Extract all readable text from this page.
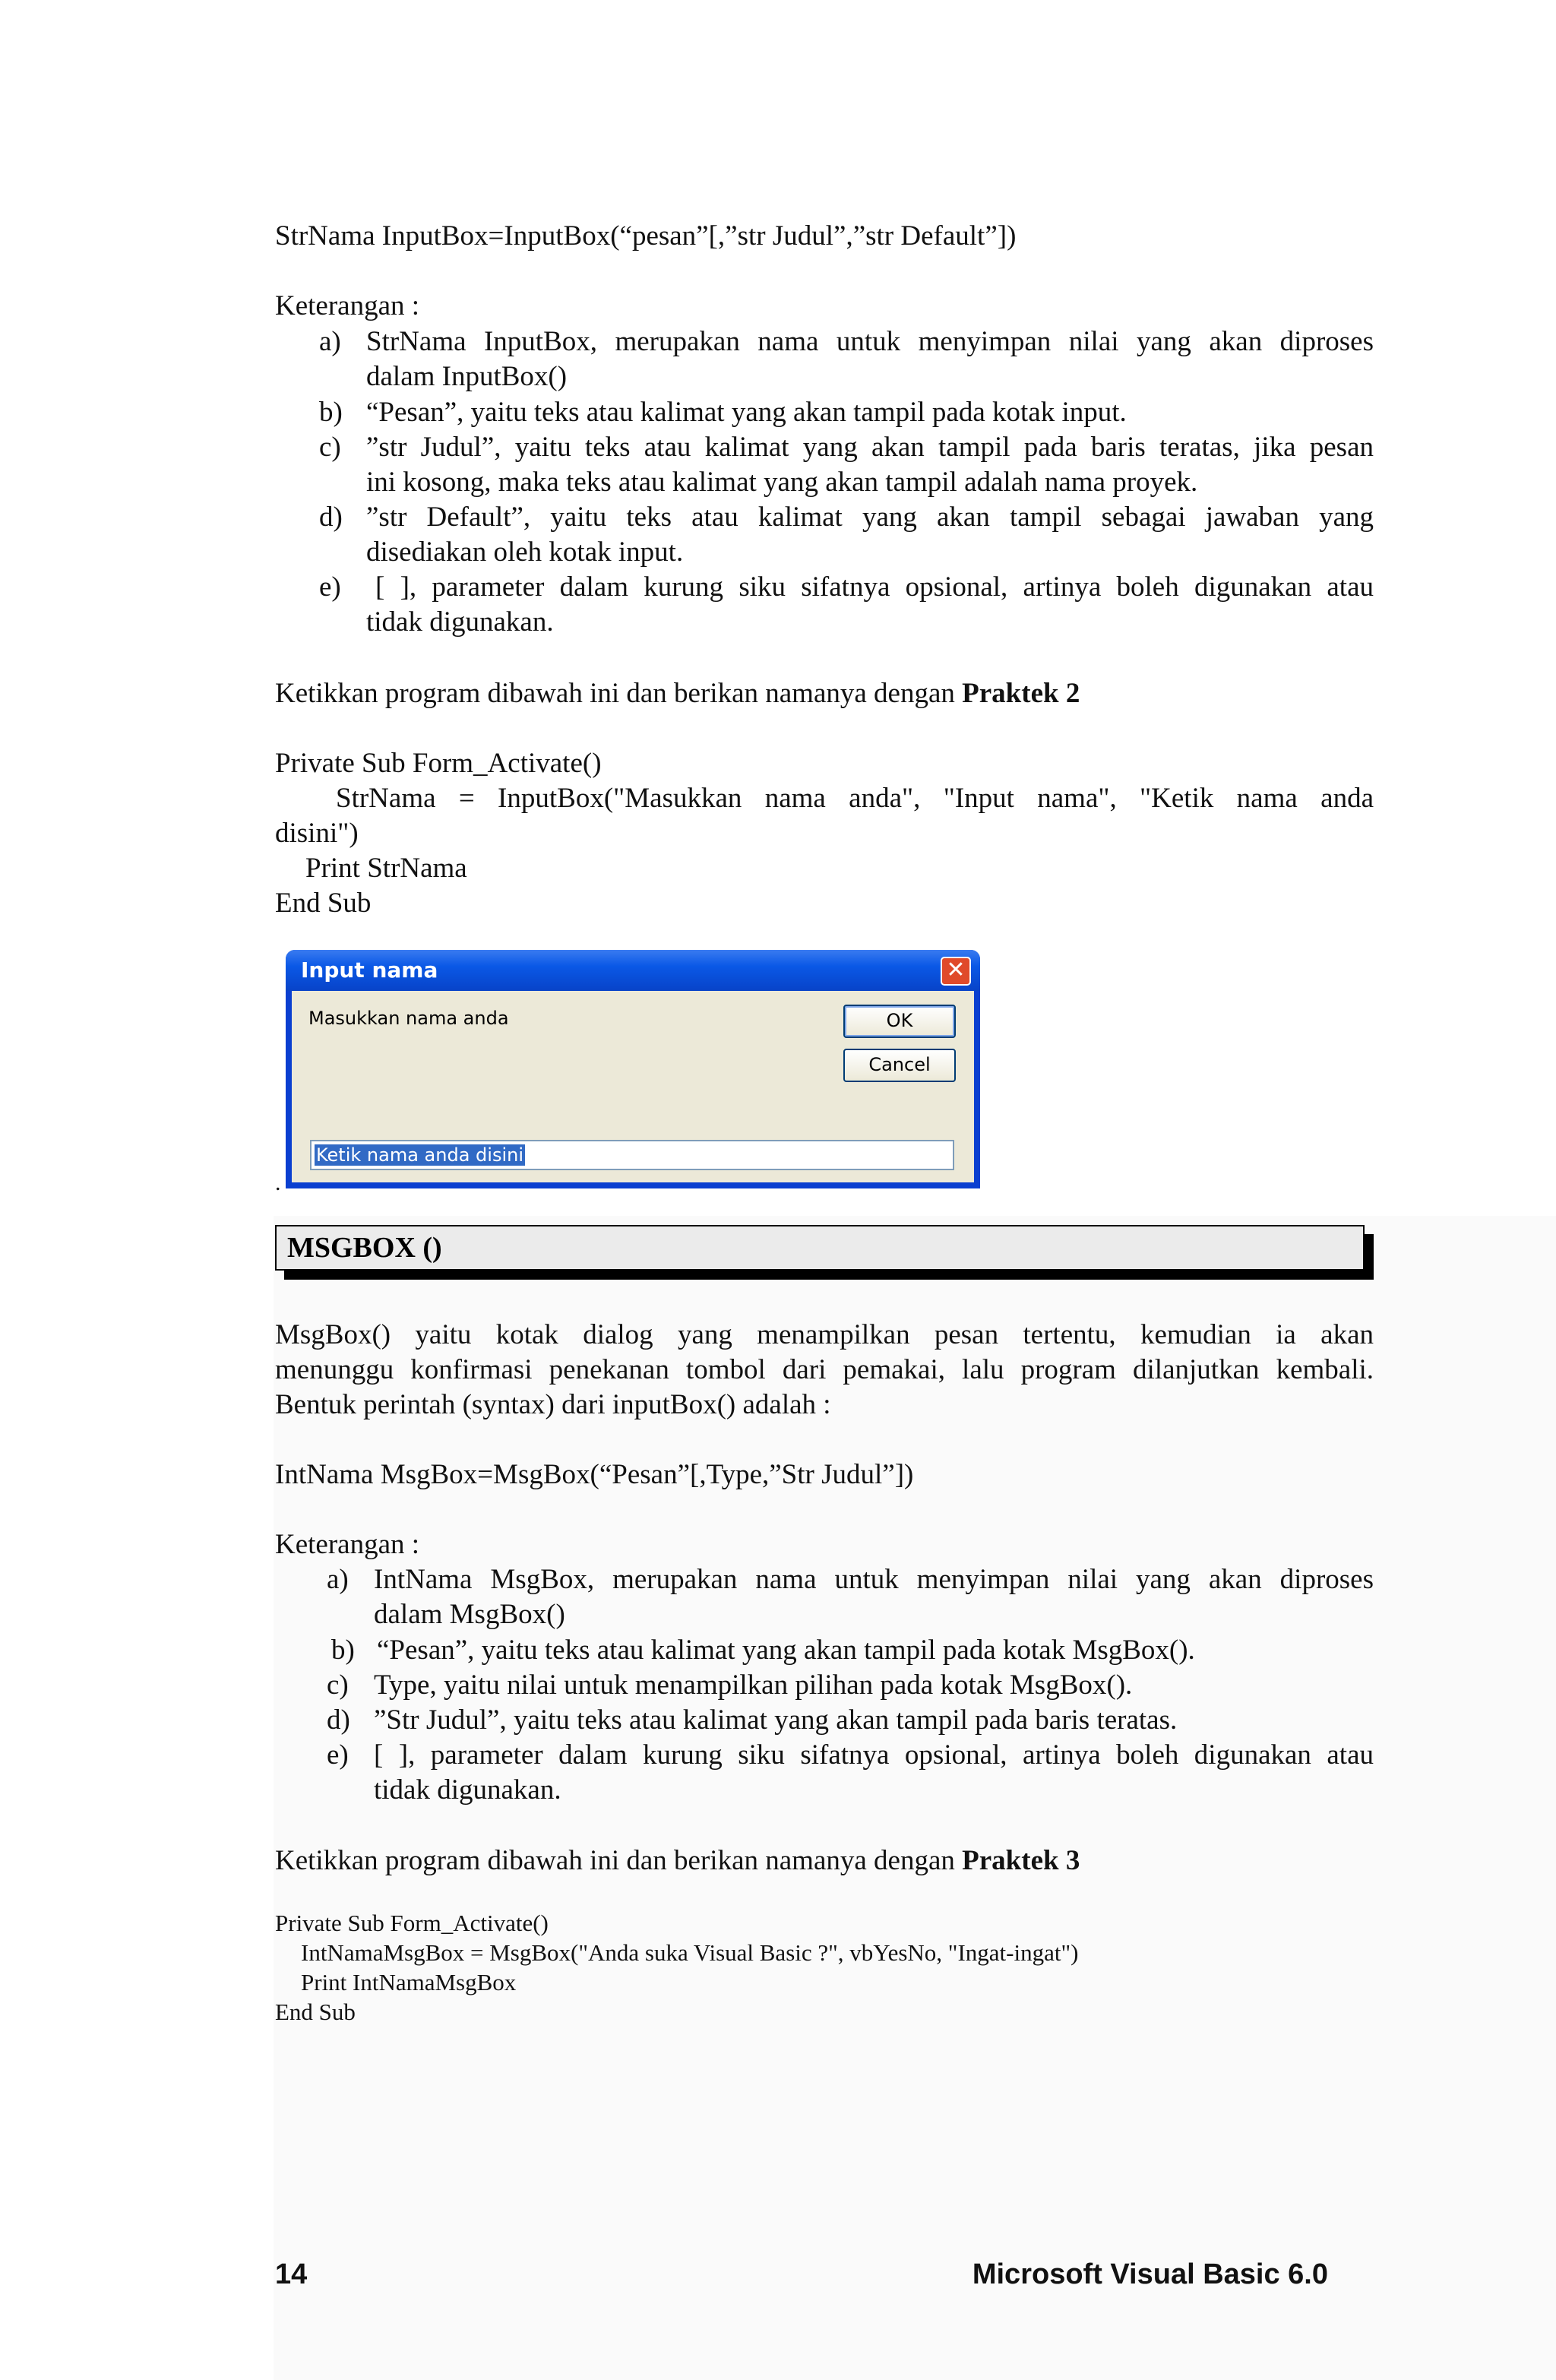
StrNama InputBox=InputBox(“pesan”[,”str Judul”,”str Default”])
Keterangan :
a) StrNama InputBox, merupakan nama untuk menyimpan nilai yang akan diproses
dalam InputBox()
b) “Pesan”, yaitu teks atau kalimat yang akan tampil pada kotak input.
c) ”str Judul”, yaitu teks atau kalimat yang akan tampil pada baris teratas, jika pesan
ini kosong, maka teks atau kalimat yang akan tampil adalah nama proyek.
d) ”str Default”, yaitu teks atau kalimat yang akan tampil sebagai jawaban yang
disediakan oleh kotak input.
e) [ ], parameter dalam kurung siku sifatnya opsional, artinya boleh digunakan atau
tidak digunakan.
Ketikkan program dibawah ini dan berikan namanya dengan Praktek 2
Private Sub Form_Activate()
StrNama = InputBox("Masukkan nama anda", "Input nama", "Ketik nama anda
disini")
Print StrNama
End Sub
Input nama	✕
Masukkan nama anda	OK
Cancel
Ketik nama anda disini
.
MSGBOX ()
MsgBox() yaitu kotak dialog yang menampilkan pesan tertentu, kemudian ia akan
menunggu konfirmasi penekanan tombol dari pemakai, lalu program dilanjutkan kembali.
Bentuk perintah (syntax) dari inputBox() adalah :
IntNama MsgBox=MsgBox(“Pesan”[,Type,”Str Judul”])
Keterangan :
a) IntNama MsgBox, merupakan nama untuk menyimpan nilai yang akan diproses
dalam MsgBox()
b) “Pesan”, yaitu teks atau kalimat yang akan tampil pada kotak MsgBox().
c) Type, yaitu nilai untuk menampilkan pilihan pada kotak MsgBox().
d) ”Str Judul”, yaitu teks atau kalimat yang akan tampil pada baris teratas.
e) [ ], parameter dalam kurung siku sifatnya opsional, artinya boleh digunakan atau
tidak digunakan.
Ketikkan program dibawah ini dan berikan namanya dengan Praktek 3
Private Sub Form_Activate()
IntNamaMsgBox = MsgBox("Anda suka Visual Basic ?", vbYesNo, "Ingat-ingat")
Print IntNamaMsgBox
End Sub
14	Microsoft Visual Basic 6.0
